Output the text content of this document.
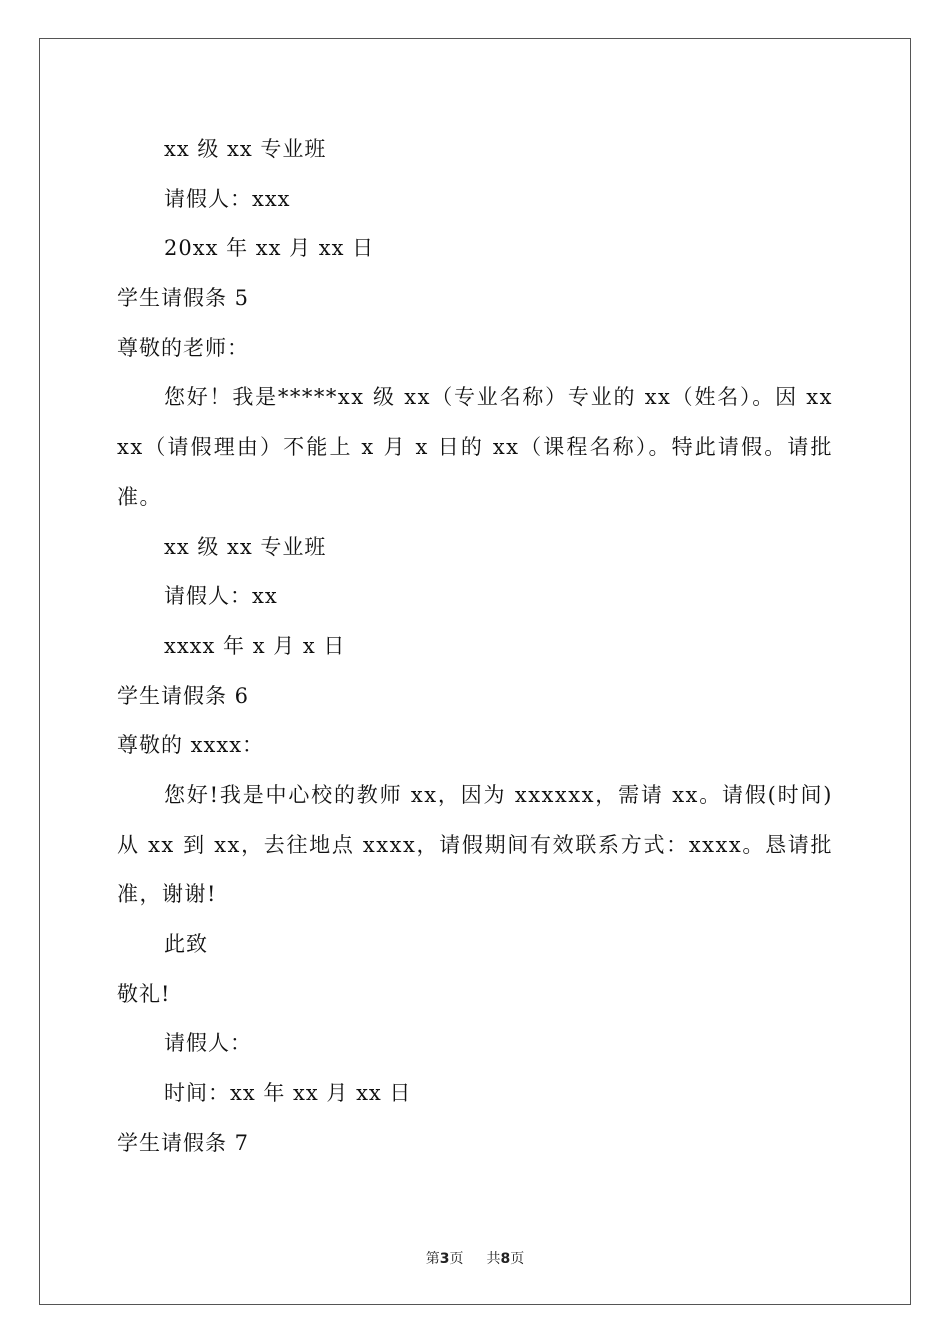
xx 级 xx 专业班
请假人：xxx
20xx 年 xx 月 xx 日
学生请假条 5
尊敬的老师：

您好！我是*****xx 级 xx（专业名称）专业的 xx（姓名）。因 xxxx（请假理由）不能上 x 月 x 日的 xx（课程名称）。特此请假。请批准。

xx 级 xx 专业班
请假人：xx
xxxx 年 x 月 x 日
学生请假条 6
尊敬的 xxxx：

您好!我是中心校的教师 xx，因为 xxxxxx，需请 xx。请假(时间)从 xx 到 xx，去往地点 xxxx，请假期间有效联系方式：xxxx。恳请批准，谢谢!

此致
敬礼!
请假人：
时间：xx 年 xx 月 xx 日
学生请假条 7
第3页 共8页
